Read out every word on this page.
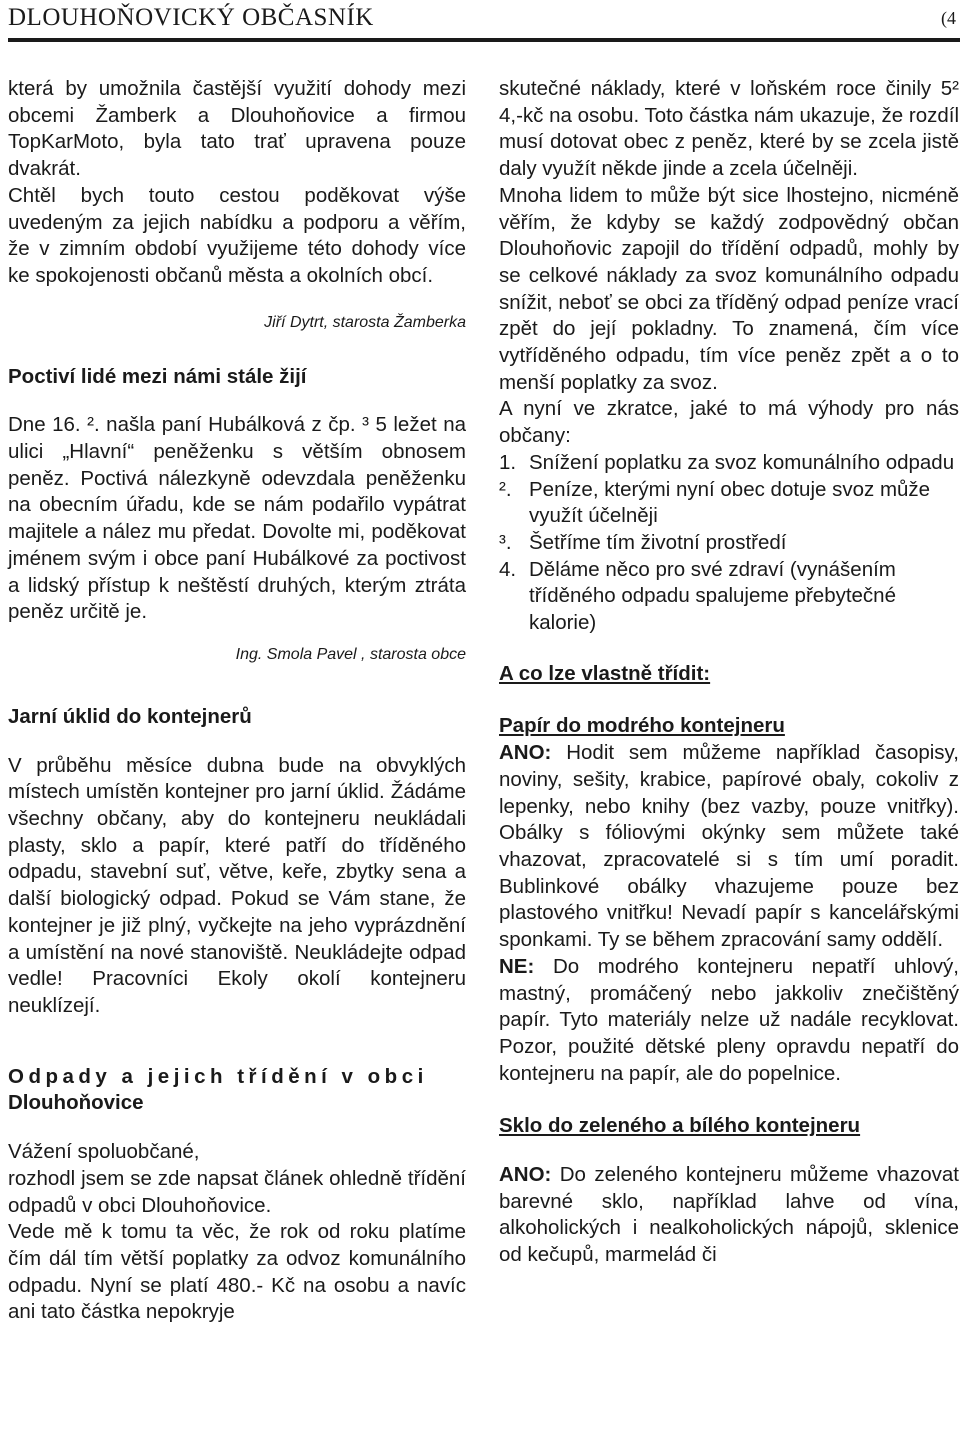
DLOUHOŇOVICKÝ OBČASNÍK	(4

která by umožnila častější využití dohody mezi obcemi Žamberk a Dlouhoňovice a firmou TopKarMoto, byla tato trať upravena pouze dvakrát.

Chtěl bych touto cestou poděkovat výše uvedeným za jejich nabídku a podporu a věřím, že v zimním období využijeme této dohody více ke spokojenosti občanů města a okolních obcí.

Jiří Dytrt, starosta Žamberka

Poctiví lidé mezi námi stále žijí

Dne 16. ². našla paní Hubálková z čp. ³ 5 ležet na ulici „Hlavní“ peněženku s větším obnosem peněz. Poctivá nálezkyně odevzdala peněženku na obecním úřadu, kde se nám podařilo vypátrat majitele a nález mu předat. Dovolte mi, poděkovat jménem svým i obce paní Hubálkové za poctivost a lidský přístup k neštěstí druhých, kterým ztráta peněz určitě je.

Ing. Smola Pavel , starosta obce

Jarní úklid do kontejnerů

V průběhu měsíce dubna bude na obvyklých místech umístěn kontejner pro jarní úklid. Žádáme všechny občany, aby do kontejneru neukládali plasty, sklo a papír, které patří do tříděného odpadu, stavební suť, větve, keře, zbytky sena a další biologický odpad. Pokud se Vám stane, že kontejner je již plný, vyčkejte na jeho vyprázdnění a umístění na nové stanoviště. Neukládejte odpad vedle! Pracovníci Ekoly okolí kontejneru neuklízejí.

Odpady a jejich třídění v obci
Dlouhoňovice

Vážení spoluobčané,

rozhodl jsem se zde napsat článek ohledně třídění odpadů v obci Dlouhoňovice.

Vede mě k tomu ta věc, že rok od roku platíme čím dál tím větší poplatky za odvoz komunálního odpadu. Nyní se platí 480.- Kč na osobu a navíc ani tato částka nepokryje

skutečné náklady, které v loňském roce činily 5² 4,-kč na osobu. Toto částka nám ukazuje, že rozdíl musí dotovat obec z peněz, které by se zcela jistě daly využít někde jinde a zcela účelněji.

Mnoha lidem to může být sice lhostejno, nicméně věřím, že kdyby se každý zodpovědný občan Dlouhoňovic zapojil do třídění odpadů, mohly by se celkové náklady za svoz komunálního odpadu snížit, neboť se obci za tříděný odpad peníze vrací zpět do její pokladny. To znamená, čím více vytříděného odpadu, tím více peněz zpět a o to menší poplatky za svoz.

A nyní ve zkratce, jaké to má výhody pro nás občany:

1. Snížení poplatku za svoz komunálního odpadu
². Peníze, kterými nyní obec dotuje svoz může využít účelněji
³. Šetříme tím životní prostředí
4. Děláme něco pro své zdraví (vynášením tříděného odpadu spalujeme přebytečné kalorie)
A co lze vlastně třídit:
Papír do modrého kontejneru

ANO: Hodit sem můžeme například časopisy, noviny, sešity, krabice, papírové obaly, cokoliv z lepenky, nebo knihy (bez vazby, pouze vnitřky). Obálky s fóliovými okýnky sem můžete také vhazovat, zpracovatelé si s tím umí poradit. Bublinkové obálky vhazujeme pouze bez plastového vnitřku! Nevadí papír s kancelářskými sponkami. Ty se během zpracování samy oddělí.

NE: Do modrého kontejneru nepatří uhlový, mastný, promáčený nebo jakkoliv znečištěný papír. Tyto materiály nelze už nadále recyklovat. Pozor, použité dětské pleny opravdu nepatří do kontejneru na papír, ale do popelnice.

Sklo do zeleného a bílého kontejneru

ANO: Do zeleného kontejneru můžeme vhazovat barevné sklo, například lahve od vína, alkoholických i nealkoholických nápojů, sklenice od kečupů, marmelád či
